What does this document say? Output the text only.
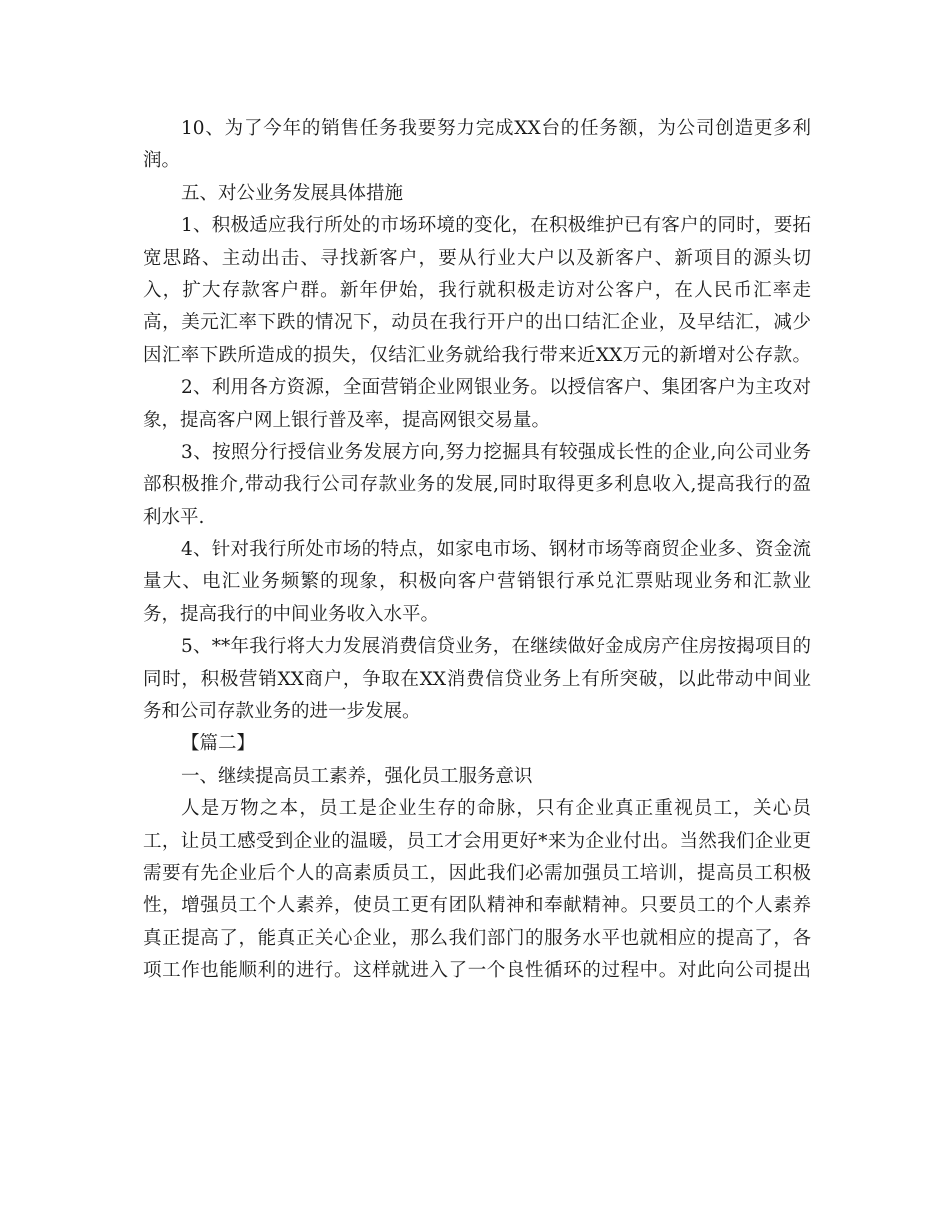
10、为了今年的销售任务我要努力完成XX台的任务额，为公司创造更多利
润。
五、对公业务发展具体措施
1、积极适应我行所处的市场环境的变化，在积极维护已有客户的同时，要拓
宽思路、主动出击、寻找新客户，要从行业大户以及新客户、新项目的源头切
入，扩大存款客户群。新年伊始，我行就积极走访对公客户，在人民币汇率走
高，美元汇率下跌的情况下，动员在我行开户的出口结汇企业，及早结汇，减少
因汇率下跌所造成的损失，仅结汇业务就给我行带来近XX万元的新增对公存款。
2、利用各方资源，全面营销企业网银业务。以授信客户、集团客户为主攻对
象，提高客户网上银行普及率，提高网银交易量。
3、按照分行授信业务发展方向,努力挖掘具有较强成长性的企业,向公司业务
部积极推介,带动我行公司存款业务的发展,同时取得更多利息收入,提高我行的盈
利水平.
4、针对我行所处市场的特点，如家电市场、钢材市场等商贸企业多、资金流
量大、电汇业务频繁的现象，积极向客户营销银行承兑汇票贴现业务和汇款业
务，提高我行的中间业务收入水平。
5、**年我行将大力发展消费信贷业务，在继续做好金成房产住房按揭项目的
同时，积极营销XX商户，争取在XX消费信贷业务上有所突破，以此带动中间业
务和公司存款业务的进一步发展。
【篇二】
一、继续提高员工素养，强化员工服务意识
人是万物之本，员工是企业生存的命脉，只有企业真正重视员工，关心员
工，让员工感受到企业的温暖，员工才会用更好*来为企业付出。当然我们企业更
需要有先企业后个人的高素质员工，因此我们必需加强员工培训，提高员工积极
性，增强员工个人素养，使员工更有团队精神和奉献精神。只要员工的个人素养
真正提高了，能真正关心企业，那么我们部门的服务水平也就相应的提高了，各
项工作也能顺利的进行。这样就进入了一个良性循环的过程中。对此向公司提出
